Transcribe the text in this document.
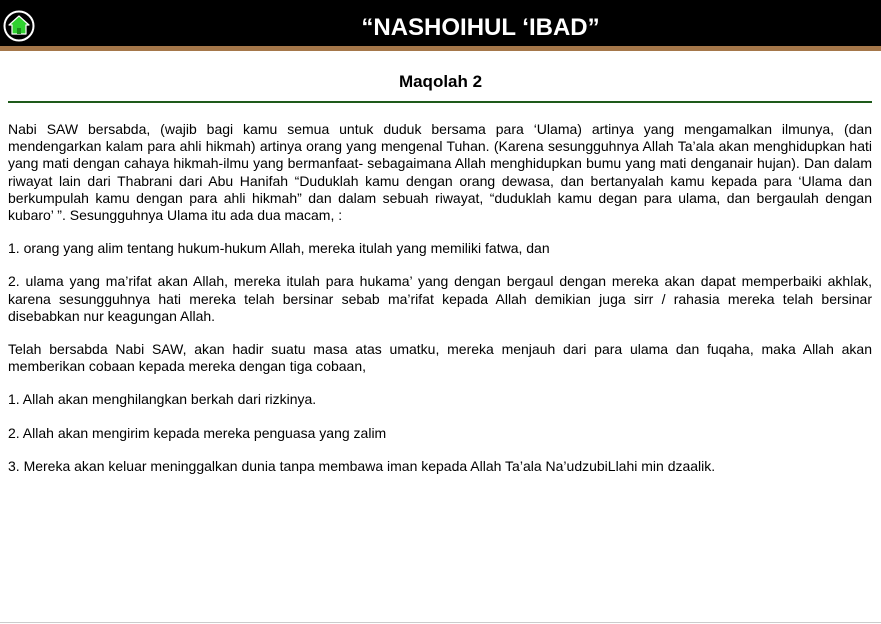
“NASHOIHUL ‘IBAD”
Maqolah 2

Nabi SAW bersabda, (wajib bagi kamu semua untuk duduk bersama para ‘Ulama) artinya yang mengamalkan ilmunya, (dan mendengarkan kalam para ahli hikmah) artinya orang yang mengenal Tuhan. (Karena sesungguhnya Allah Ta’ala akan menghidupkan hati yang mati dengan cahaya hikmah-ilmu yang bermanfaat- sebagaimana Allah menghidupkan bumu yang mati denganair hujan). Dan dalam riwayat lain dari Thabrani dari Abu Hanifah “Duduklah kamu dengan orang dewasa, dan bertanyalah kamu kepada para ‘Ulama dan berkumpulah kamu dengan para ahli hikmah” dan dalam sebuah riwayat, “duduklah kamu degan para ulama, dan bergaulah dengan kubaro’ ”. Sesungguhnya Ulama itu ada dua macam, :

1. orang yang alim tentang hukum-hukum Allah, mereka itulah yang memiliki fatwa, dan

2. ulama yang ma’rifat akan Allah, mereka itulah para hukama’ yang dengan bergaul dengan mereka akan dapat memperbaiki akhlak, karena sesungguhnya hati mereka telah bersinar sebab ma’rifat kepada Allah demikian juga sirr / rahasia mereka telah bersinar disebabkan nur keagungan Allah.

Telah bersabda Nabi SAW, akan hadir suatu masa atas umatku, mereka menjauh dari para ulama dan fuqaha, maka Allah akan memberikan cobaan kepada mereka dengan tiga cobaan,

1. Allah akan menghilangkan berkah dari rizkinya.

2. Allah akan mengirim kepada mereka penguasa yang zalim

3. Mereka akan keluar meninggalkan dunia tanpa membawa iman kepada Allah Ta’ala Na’udzubiLlahi min dzaalik.
